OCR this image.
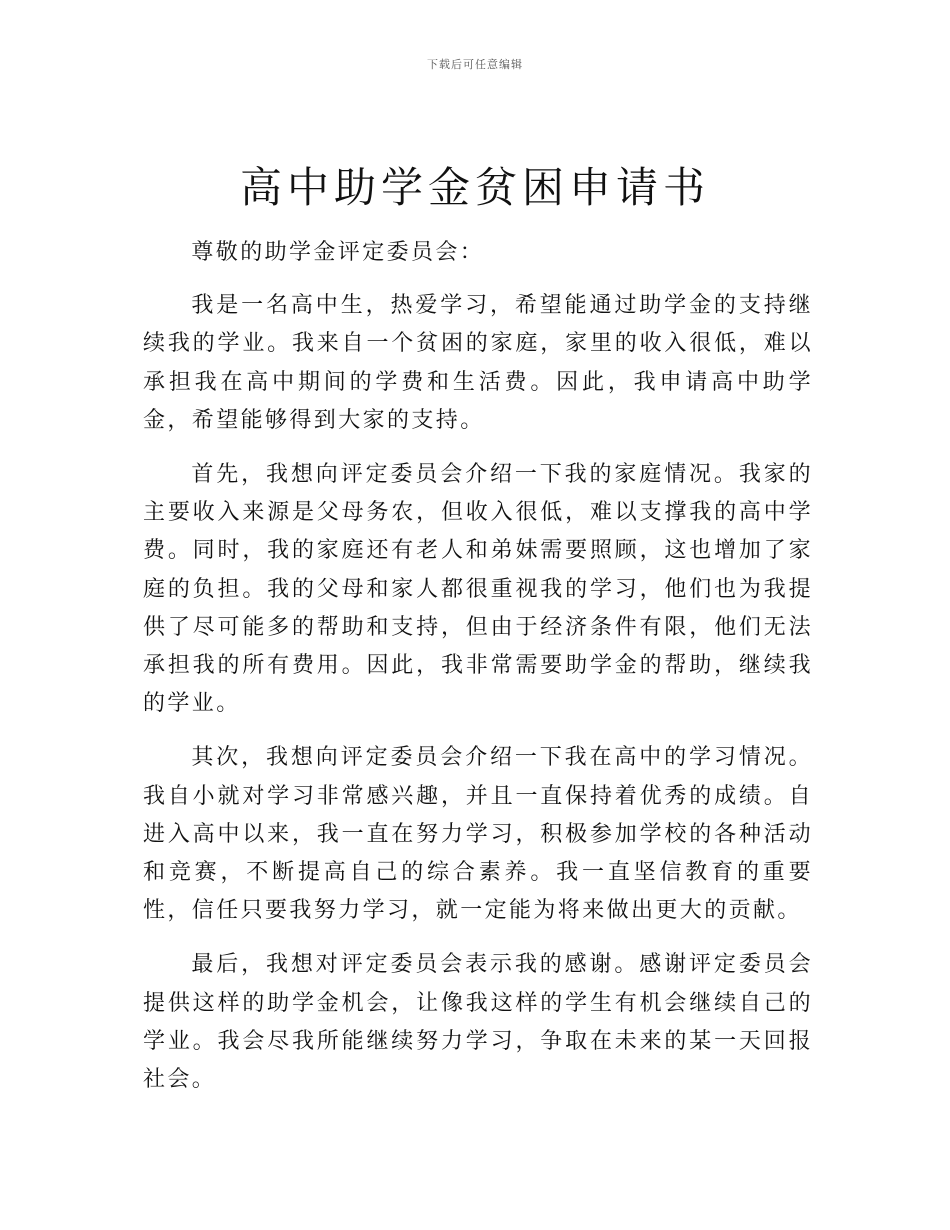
下载后可任意编辑
高中助学金贫困申请书

尊敬的助学金评定委员会：

我是一名高中生，热爱学习，希望能通过助学金的支持继续我的学业。我来自一个贫困的家庭，家里的收入很低，难以承担我在高中期间的学费和生活费。因此，我申请高中助学金，希望能够得到大家的支持。

首先，我想向评定委员会介绍一下我的家庭情况。我家的主要收入来源是父母务农，但收入很低，难以支撑我的高中学费。同时，我的家庭还有老人和弟妹需要照顾，这也增加了家庭的负担。我的父母和家人都很重视我的学习，他们也为我提供了尽可能多的帮助和支持，但由于经济条件有限，他们无法承担我的所有费用。因此，我非常需要助学金的帮助，继续我的学业。

其次，我想向评定委员会介绍一下我在高中的学习情况。我自小就对学习非常感兴趣，并且一直保持着优秀的成绩。自进入高中以来，我一直在努力学习，积极参加学校的各种活动和竞赛，不断提高自己的综合素养。我一直坚信教育的重要性，信任只要我努力学习，就一定能为将来做出更大的贡献。

最后，我想对评定委员会表示我的感谢。感谢评定委员会提供这样的助学金机会，让像我这样的学生有机会继续自己的学业。我会尽我所能继续努力学习，争取在未来的某一天回报社会。
